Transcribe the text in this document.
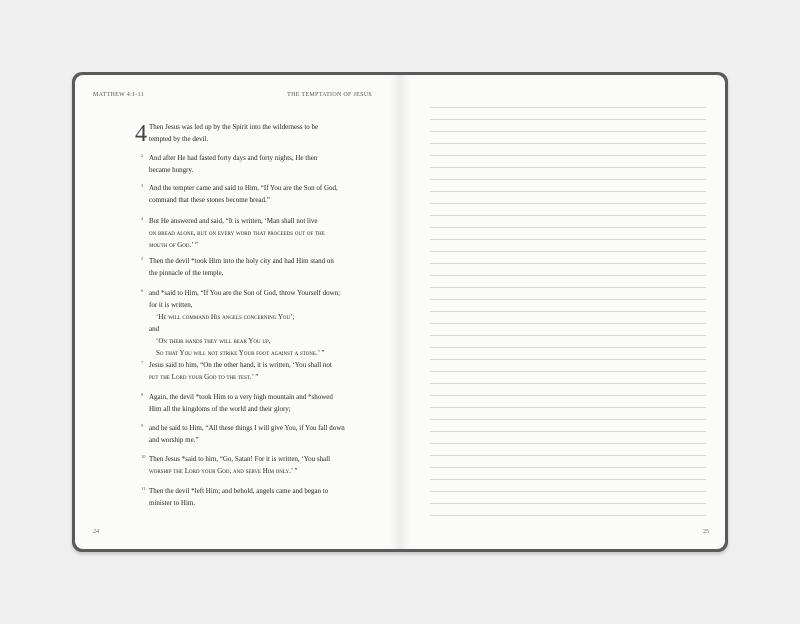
MATTHEW 4:1-11	THE TEMPTATION OF JESUS
4 Then Jesus was led up by the Spirit into the wilderness to be
tempted by the devil.
2 And after He had fasted forty days and forty nights, He then
became hungry.
3 And the tempter came and said to Him, “If You are the Son of God,
command that these stones become bread.”
4 But He answered and said, “It is written, ‘Man shall not live
on bread alone, but on every word that proceeds out of the
mouth of God.’ ”
5 Then the devil *took Him into the holy city and had Him stand on
the pinnacle of the temple,
6 and *said to Him, “If You are the Son of God, throw Yourself down;
for it is written,
‘He will command His angels concerning You’;
and
‘On their hands they will bear You up,
So that You will not strike Your foot against a stone.’ ”
7 Jesus said to him, “On the other hand, it is written, ‘You shall not
put the Lord your God to the test.’ ”
8 Again, the devil *took Him to a very high mountain and *showed
Him all the kingdoms of the world and their glory;
9 and he said to Him, “All these things I will give You, if You fall down
and worship me.”
10 Then Jesus *said to him, “Go, Satan! For it is written, ‘You shall
worship the Lord your God, and serve Him only.’ ”
11 Then the devil *left Him; and behold, angels came and began to
minister to Him.
24	25
